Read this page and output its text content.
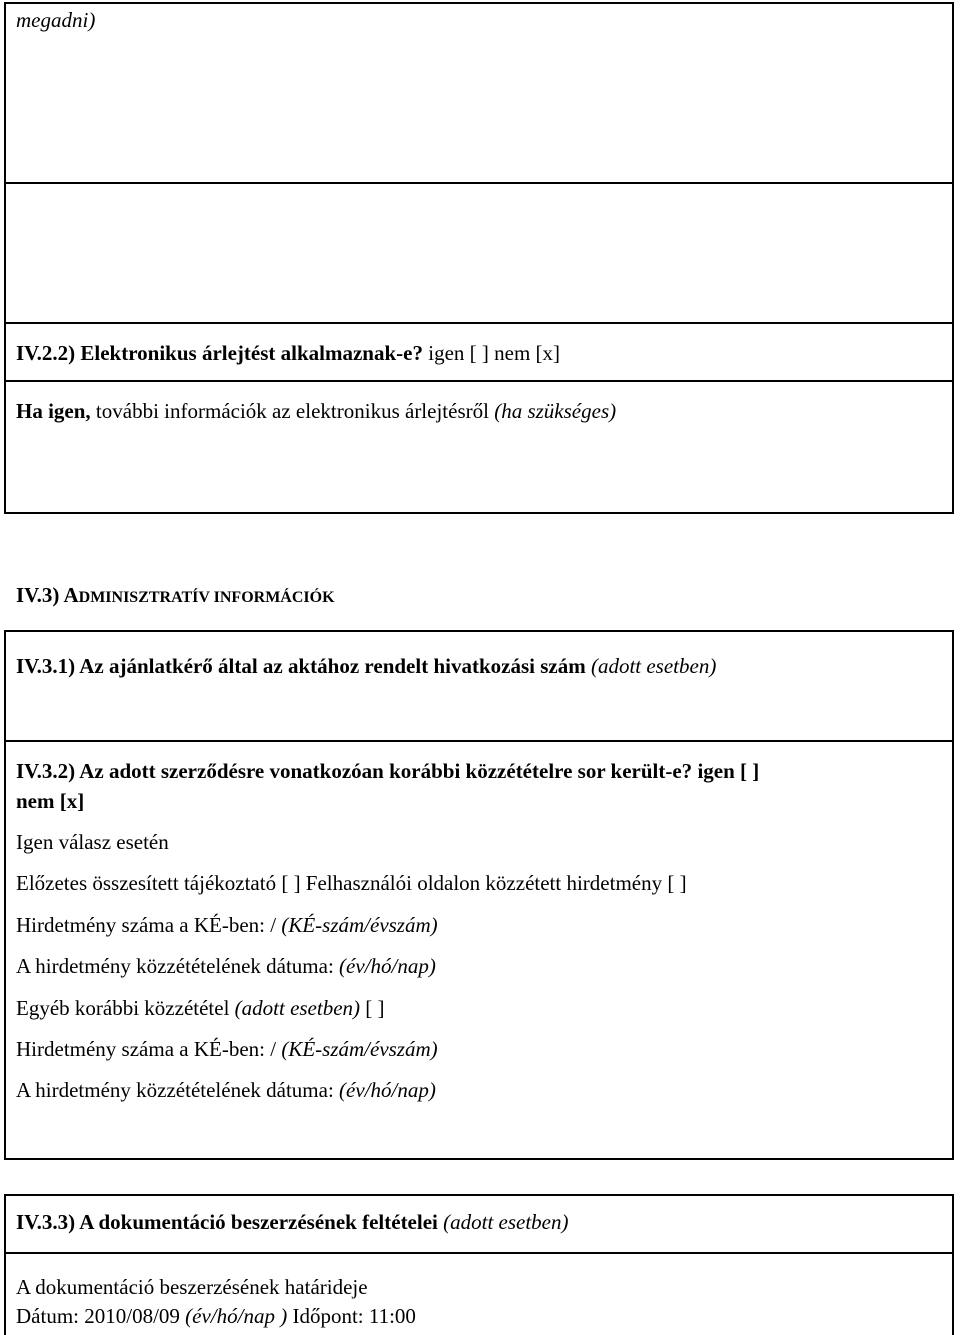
megadni)
IV.2.2) Elektronikus árlejtést alkalmaznak-e? igen [ ] nem [x]
Ha igen, további információk az elektronikus árlejtésről (ha szükséges)
IV.3) ADMINISZTRATÍV INFORMÁCIÓK
IV.3.1) Az ajánlatkérő által az aktához rendelt hivatkozási szám (adott esetben)
IV.3.2) Az adott szerződésre vonatkozóan korábbi közzétételre sor került-e? igen [ ]
nem [x]
Igen válasz esetén
Előzetes összesített tájékoztató [ ] Felhasználói oldalon közzétett hirdetmény [ ]
Hirdetmény száma a KÉ-ben: / (KÉ-szám/évszám)
A hirdetmény közzétételének dátuma: (év/hó/nap)
Egyéb korábbi közzététel (adott esetben) [ ]
Hirdetmény száma a KÉ-ben: / (KÉ-szám/évszám)
A hirdetmény közzétételének dátuma: (év/hó/nap)
IV.3.3) A dokumentáció beszerzésének feltételei (adott esetben)
A dokumentáció beszerzésének határideje
Dátum: 2010/08/09 (év/hó/nap ) Időpont: 11:00
